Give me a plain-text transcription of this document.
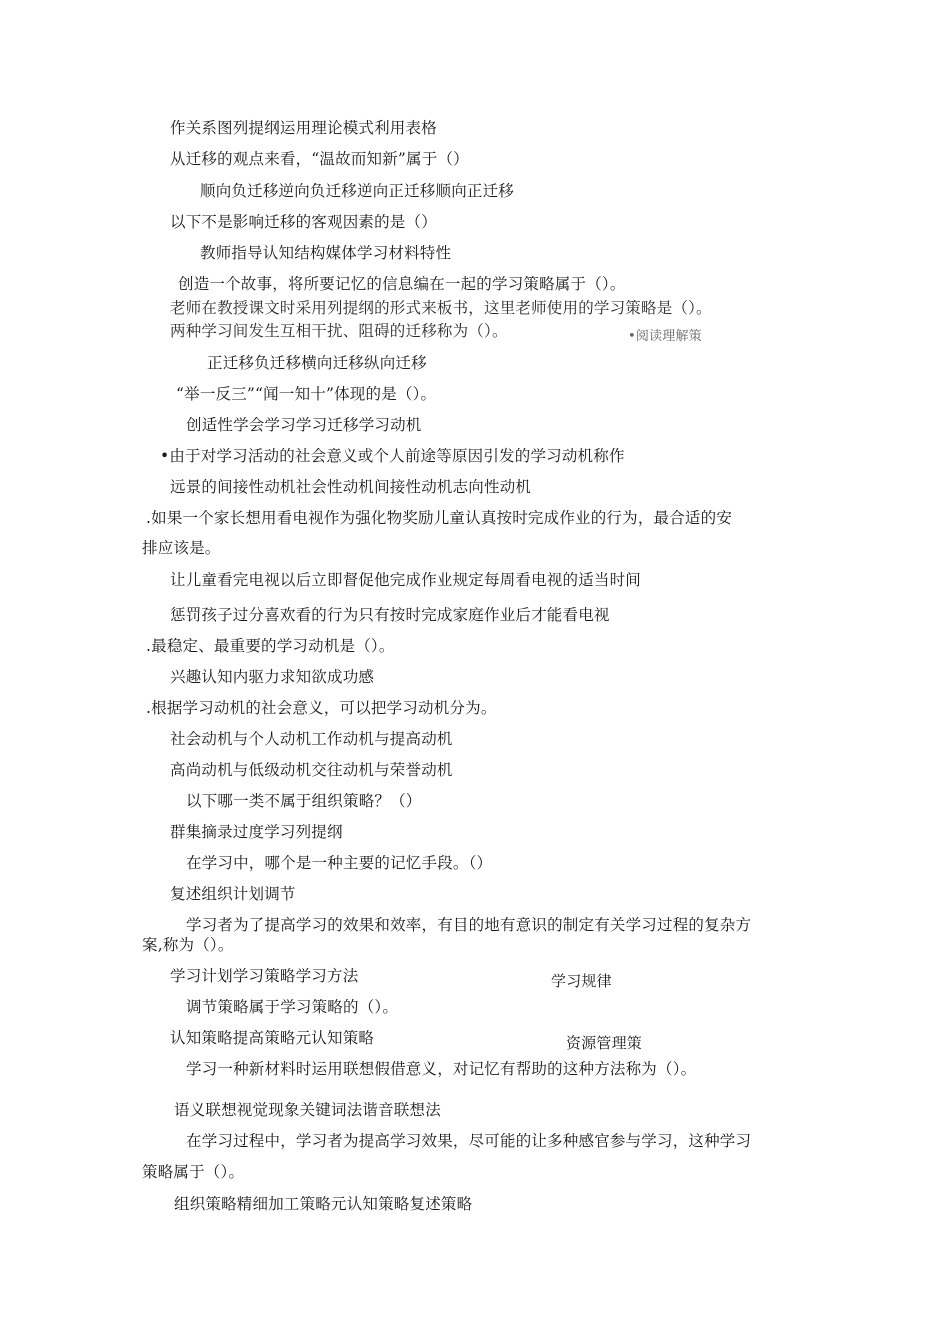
作关系图列提纲运用理论模式利用表格
从迁移的观点来看，“温故而知新”属于（）
顺向负迁移逆向负迁移逆向正迁移顺向正迁移
以下不是影响迁移的客观因素的是（）
教师指导认知结构媒体学习材料特性
创造一个故事，将所要记忆的信息编在一起的学习策略属于（）。
老师在教授课文时采用列提纲的形式来板书，这里老师使用的学习策略是（）。
两种学习间发生互相干扰、阻碍的迁移称为（）。	•阅读理解策
正迁移负迁移横向迁移纵向迁移
“举一反三”“闻一知十”体现的是（）。
创适性学会学习学习迁移学习动机
•由于对学习活动的社会意义或个人前途等原因引发的学习动机称作
远景的间接性动机社会性动机间接性动机志向性动机
.如果一个家长想用看电视作为强化物奖励儿童认真按时完成作业的行为，最合适的安
排应该是。
让儿童看完电视以后立即督促他完成作业规定每周看电视的适当时间
惩罚孩子过分喜欢看的行为只有按时完成家庭作业后才能看电视
.最稳定、最重要的学习动机是（）。
兴趣认知内驱力求知欲成功感
.根据学习动机的社会意义，可以把学习动机分为。
社会动机与个人动机工作动机与提高动机
高尚动机与低级动机交往动机与荣誉动机
以下哪一类不属于组织策略？（）
群集摘录过度学习列提纲
在学习中，哪个是一种主要的记忆手段。（）
复述组织计划调节
学习者为了提高学习的效果和效率，有目的地有意识的制定有关学习过程的复杂方
案,称为（）。
学习计划学习策略学习方法	学习规律
调节策略属于学习策略的（）。
认知策略提高策略元认知策略	资源管理策
学习一种新材料时运用联想假借意义，对记忆有帮助的这种方法称为（）。
语义联想视觉现象关键词法谐音联想法
在学习过程中，学习者为提高学习效果，尽可能的让多种感官参与学习，这种学习
策略属于（）。
组织策略精细加工策略元认知策略复述策略
